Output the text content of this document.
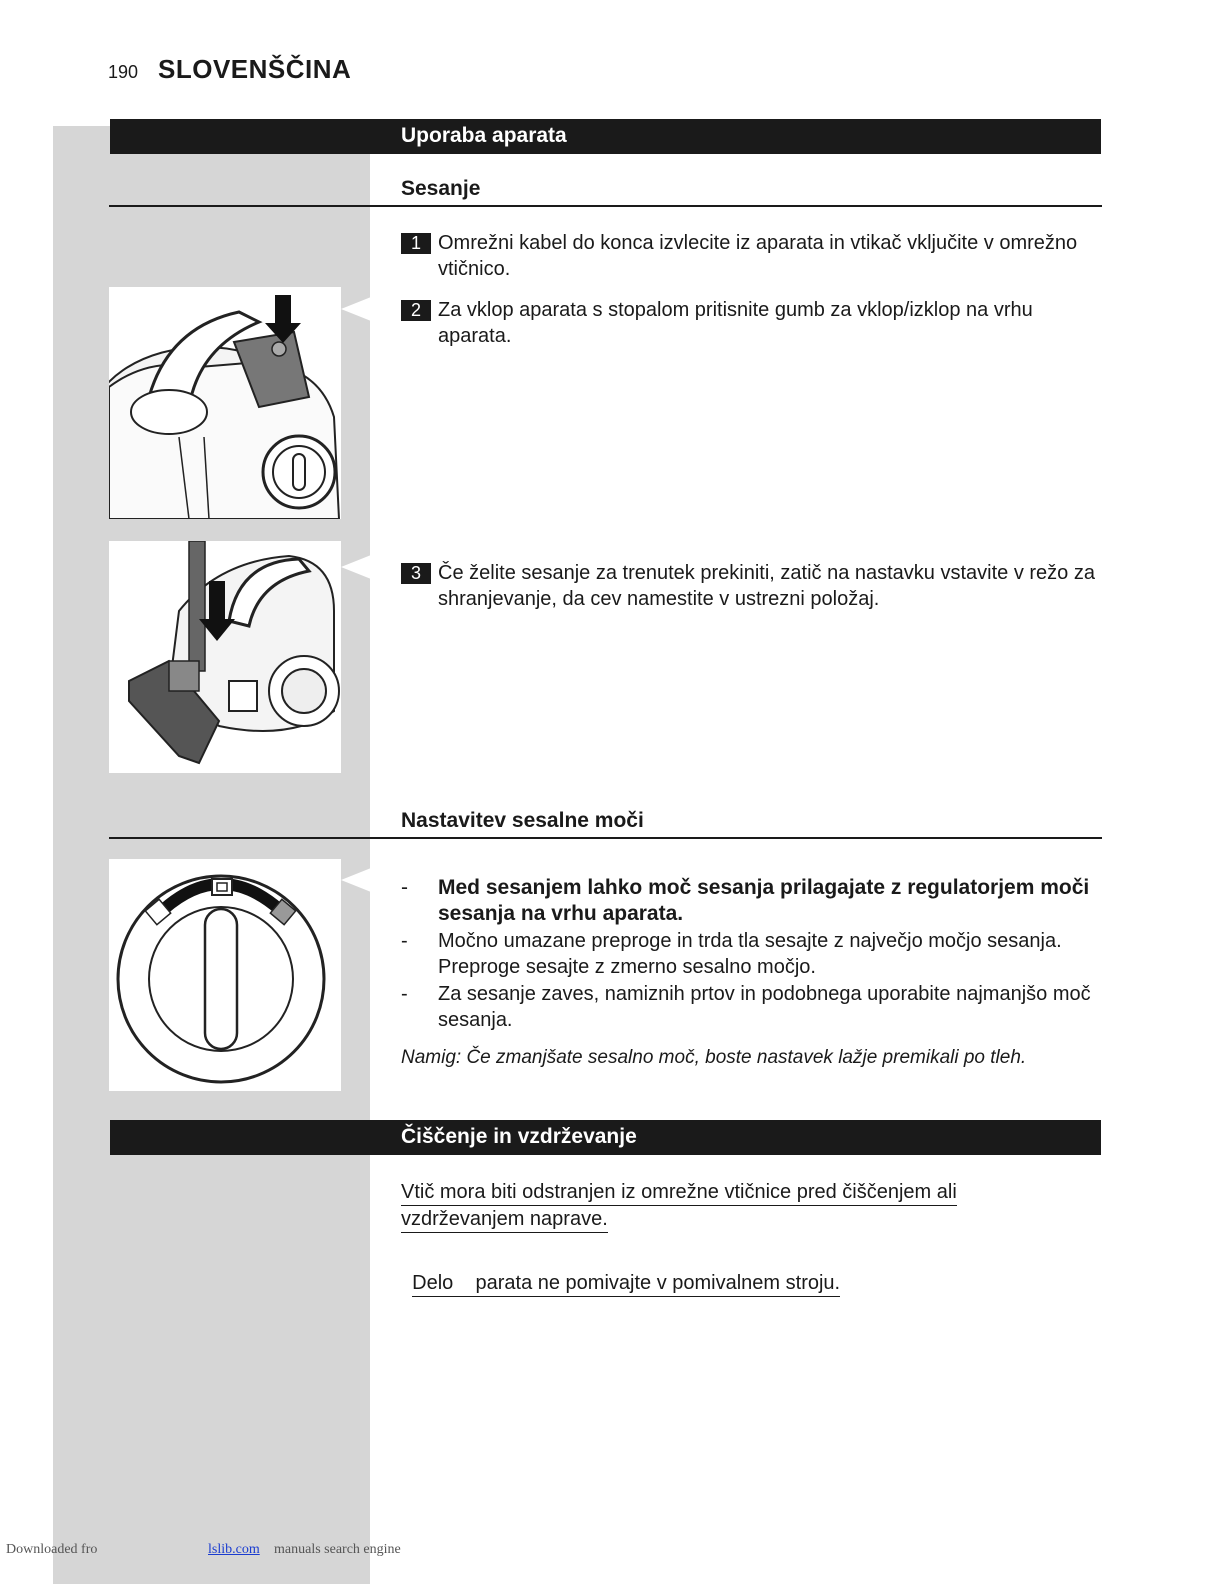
190 SLOVENŠČINA
Uporaba aparata
Sesanje
1 Omrežni kabel do konca izvlecite iz aparata in vtikač vključite v omrežno vtičnico.
2 Za vklop aparata s stopalom pritisnite gumb za vklop/izklop na vrhu aparata.
3 Če želite sesanje za trenutek prekiniti, zatič na nastavku vstavite v režo za shranjevanje, da cev namestite v ustrezni položaj.
Nastavitev sesalne moči
- Med sesanjem lahko moč sesanja prilagajate z regulatorjem moči sesanja na vrhu aparata.
- Močno umazane preproge in trda tla sesajte z največjo močjo sesanja. Preproge sesajte z zmerno sesalno močjo.
- Za sesanje zaves, namiznih prtov in podobnega uporabite najmanjšo moč sesanja.
Namig: Če zmanjšate sesalno moč, boste nastavek lažje premikali po tleh.
Čiščenje in vzdrževanje
Vtič mora biti odstranjen iz omrežne vtičnice pred čiščenjem ali
vzdrževanjem naprave.

Delo    parata ne pomivajte v pomivalnem stroju.

Downloaded fro	lslib.com manuals search engine
